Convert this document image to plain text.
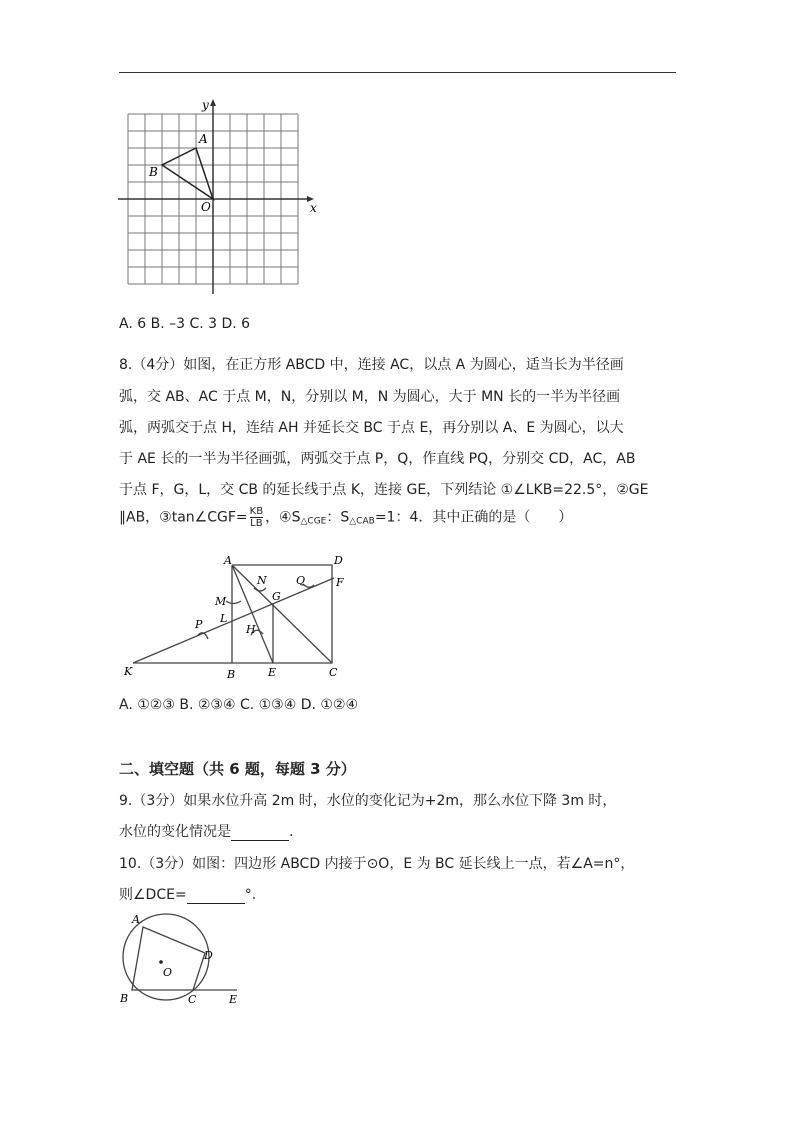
y
x
A
B
O
A. 6 B. –3 C. 3 D. 6
8.（4分）如图，在正方形 ABCD 中，连接 AC，以点 A 为圆心，适当长为半径画
弧，交 AB、AC 于点 M，N，分别以 M，N 为圆心，大于 MN 长的一半为半径画
弧，两弧交于点 H，连结 AH 并延长交 BC 于点 E，再分别以 A、E 为圆心，以大
于 AE 长的一半为半径画弧，两弧交于点 P，Q，作直线 PQ，分别交 CD，AC，AB
于点 F，G，L，交 CB 的延长线于点 K，连接 GE，下列结论 ①∠LKB=22.5°，②GE
∥AB，③tan∠CGF= $\frac{KB}{LB}$ ，$④S_{\triangle CGE}$：$S_{\triangle CAB}=1$：4．其中正确的是（　　）
A	D
N	Q	F
M	G
L
H
P
K	B	E	C
A. ①②③ B. ②③④ C. ①③④ D. ①②④
二、填空题（共 6 题，每题 3 分）
9.（3分）如果水位升高 2m 时，水位的变化记为+2m，那么水位下降 3m 时，
水位的变化情况是	.
10.（3分）如图：四边形 ABCD 内接于⊙O，E 为 BC 延长线上一点，若∠A=n°，
则∠DCE=	°.
A
D
O
B	C	E
